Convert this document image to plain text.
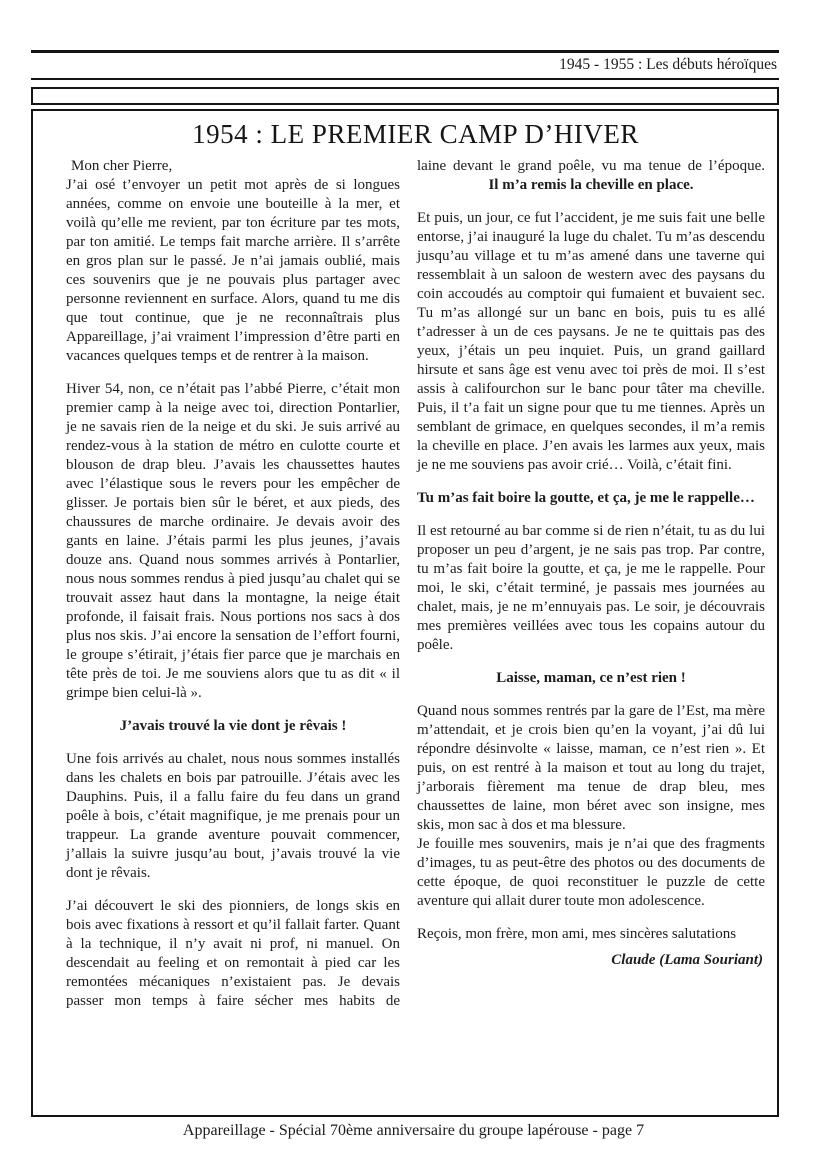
1945 - 1955 : Les débuts héroïques
1954 : LE PREMIER CAMP D’HIVER

Mon cher Pierre,

J’ai osé t’envoyer un petit mot après de si longues années, comme on envoie une bouteille à la mer, et voilà qu’elle me revient, par ton écriture par tes mots, par ton amitié. Le temps fait marche arrière. Il s’arrête en gros plan sur le passé. Je n’ai jamais oublié, mais ces souvenirs que je ne pouvais plus partager avec personne reviennent en surface. Alors, quand tu me dis que tout continue, que je ne reconnaîtrais plus Appareillage, j’ai vraiment l’impression d’être parti en vacances quelques temps et de rentrer à la maison.

Hiver 54, non, ce n’était pas l’abbé Pierre, c’était mon premier camp à la neige avec toi, direction Pontarlier, je ne savais rien de la neige et du ski. Je suis arrivé au rendez-vous à la station de métro en culotte courte et blouson de drap bleu. J’avais les chaussettes hautes avec l’élastique sous le revers pour les empêcher de glisser. Je portais bien sûr le béret, et aux pieds, des chaussures de marche ordinaire. Je devais avoir des gants en laine. J’étais parmi les plus jeunes, j’avais douze ans. Quand nous sommes arrivés à Pontarlier, nous nous sommes rendus à pied jusqu’au chalet qui se trouvait assez haut dans la montagne, la neige était profonde, il faisait frais. Nous portions nos sacs à dos plus nos skis. J’ai encore la sensation de l’effort fourni, le groupe s’étirait, j’étais fier parce que je marchais en tête près de toi. Je me souviens alors que tu as dit « il grimpe bien celui-là ».

J’avais trouvé la vie dont je rêvais !

Une fois arrivés au chalet, nous nous sommes installés dans les chalets en bois par patrouille. J’étais avec les Dauphins. Puis, il a fallu faire du feu dans un grand poêle à bois, c’était magnifique, je me prenais pour un trappeur. La grande aventure pouvait commencer, j’allais la suivre jusqu’au bout, j’avais trouvé la vie dont je rêvais.

J’ai découvert le ski des pionniers, de longs skis en bois avec fixations à ressort et qu’il fallait farter. Quant à la technique, il n’y avait ni prof, ni manuel. On descendait au feeling et on remontait à pied car les remontées mécaniques n’existaient pas. Je devais passer mon temps à faire sécher mes habits de

laine devant le grand poêle, vu ma tenue de l’époque.

Il m’a remis la cheville en place.

Et puis, un jour, ce fut l’accident, je me suis fait une belle entorse, j’ai inauguré la luge du chalet. Tu m’as descendu jusqu’au village et tu m’as amené dans une taverne qui ressemblait à un saloon de western avec des paysans du coin accoudés au comptoir qui fumaient et buvaient sec. Tu m’as allongé sur un banc en bois, puis tu es allé t’adresser à un de ces paysans. Je ne te quittais pas des yeux, j’étais un peu inquiet. Puis, un grand gaillard hirsute et sans âge est venu avec toi près de moi. Il s’est assis à califourchon sur le banc pour tâter ma cheville. Puis, il t’a fait un signe pour que tu me tiennes. Après un semblant de grimace, en quelques secondes, il m’a remis la cheville en place. J’en avais les larmes aux yeux, mais je ne me souviens pas avoir crié… Voilà, c’était fini.

Tu m’as fait boire la goutte, et ça, je me le rappelle…

Il est retourné au bar comme si de rien n’était, tu as du lui proposer un peu d’argent, je ne sais pas trop. Par contre, tu m’as fait boire la goutte, et ça, je me le rappelle. Pour moi, le ski, c’était terminé, je passais mes journées au chalet, mais, je ne m’ennuyais pas. Le soir, je découvrais mes premières veillées avec tous les copains autour du poêle.

Laisse, maman, ce n’est rien !

Quand nous sommes rentrés par la gare de l’Est, ma mère m’attendait, et je crois bien qu’en la voyant, j’ai dû lui répondre désinvolte « laisse, maman, ce n’est rien ». Et puis, on est rentré à la maison et tout au long du trajet, j’arborais fièrement ma tenue de drap bleu, mes chaussettes de laine, mon béret avec son insigne, mes skis, mon sac à dos et ma blessure.

Je fouille mes souvenirs, mais je n’ai que des fragments d’images, tu as peut-être des photos ou des documents de cette époque, de quoi reconstituer le puzzle de cette aventure qui allait durer toute mon adolescence.

Reçois, mon frère, mon ami, mes sincères salutations

Claude (Lama Souriant)

Appareillage - Spécial 70ème anniversaire du groupe lapérouse - page 7
